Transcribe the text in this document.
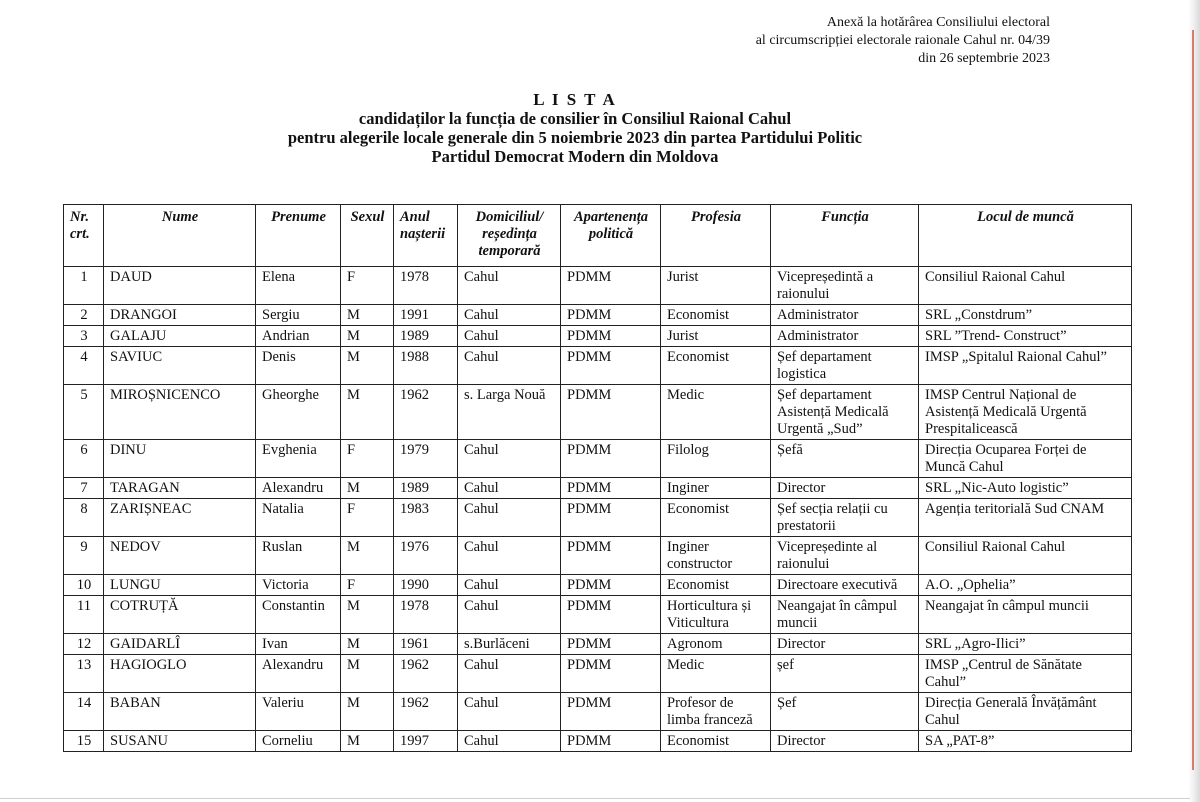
Anexă la hotărârea Consiliului electoral
al circumscripției electorale raionale Cahul nr. 04/39
din 26 septembrie 2023
L I S T A
candidaților la funcția de consilier în Consiliul Raional Cahul
pentru alegerile locale generale din 5 noiembrie 2023 din partea Partidului Politic
Partidul Democrat Modern din Moldova
Nr. crt.	Nume	Prenume	Sexul	Anul nașterii	Domiciliul/ reședința temporară	Apartenența politică	Profesia	Funcția	Locul de muncă
1	DAUD	Elena	F	1978	Cahul	PDMM	Jurist	Vicepreședintă a raionului	Consiliul Raional Cahul
2	DRANGOI	Sergiu	M	1991	Cahul	PDMM	Economist	Administrator	SRL „Constdrum”
3	GALAJU	Andrian	M	1989	Cahul	PDMM	Jurist	Administrator	SRL ”Trend- Construct”
4	SAVIUC	Denis	M	1988	Cahul	PDMM	Economist	Șef departament logistica	IMSP „Spitalul Raional Cahul”
5	MIROȘNICENCO	Gheorghe	M	1962	s. Larga Nouă	PDMM	Medic	Șef departament Asistență Medicală Urgentă „Sud”	IMSP Centrul Național de Asistență Medicală Urgentă Prespitalicească
6	DINU	Evghenia	F	1979	Cahul	PDMM	Filolog	Șefă	Direcția Ocuparea Forței de Muncă Cahul
7	TARAGAN	Alexandru	M	1989	Cahul	PDMM	Inginer	Director	SRL „Nic-Auto logistic”
8	ZARIȘNEAC	Natalia	F	1983	Cahul	PDMM	Economist	Șef secția relații cu prestatorii	Agenția teritorială Sud CNAM
9	NEDOV	Ruslan	M	1976	Cahul	PDMM	Inginer constructor	Vicepreședinte al raionului	Consiliul Raional Cahul
10	LUNGU	Victoria	F	1990	Cahul	PDMM	Economist	Directoare executivă	A.O. „Ophelia”
11	COTRUȚĂ	Constantin	M	1978	Cahul	PDMM	Horticultura și Viticultura	Neangajat în câmpul muncii	Neangajat în câmpul muncii
12	GAIDARLÎ	Ivan	M	1961	s.Burlăceni	PDMM	Agronom	Director	SRL „Agro-Ilici”
13	HAGIOGLO	Alexandru	M	1962	Cahul	PDMM	Medic	șef	IMSP „Centrul de Sănătate Cahul”
14	BABAN	Valeriu	M	1962	Cahul	PDMM	Profesor de limba franceză	Șef	Direcția Generală Învățământ Cahul
15	SUSANU	Corneliu	M	1997	Cahul	PDMM	Economist	Director	SA „PAT-8”
